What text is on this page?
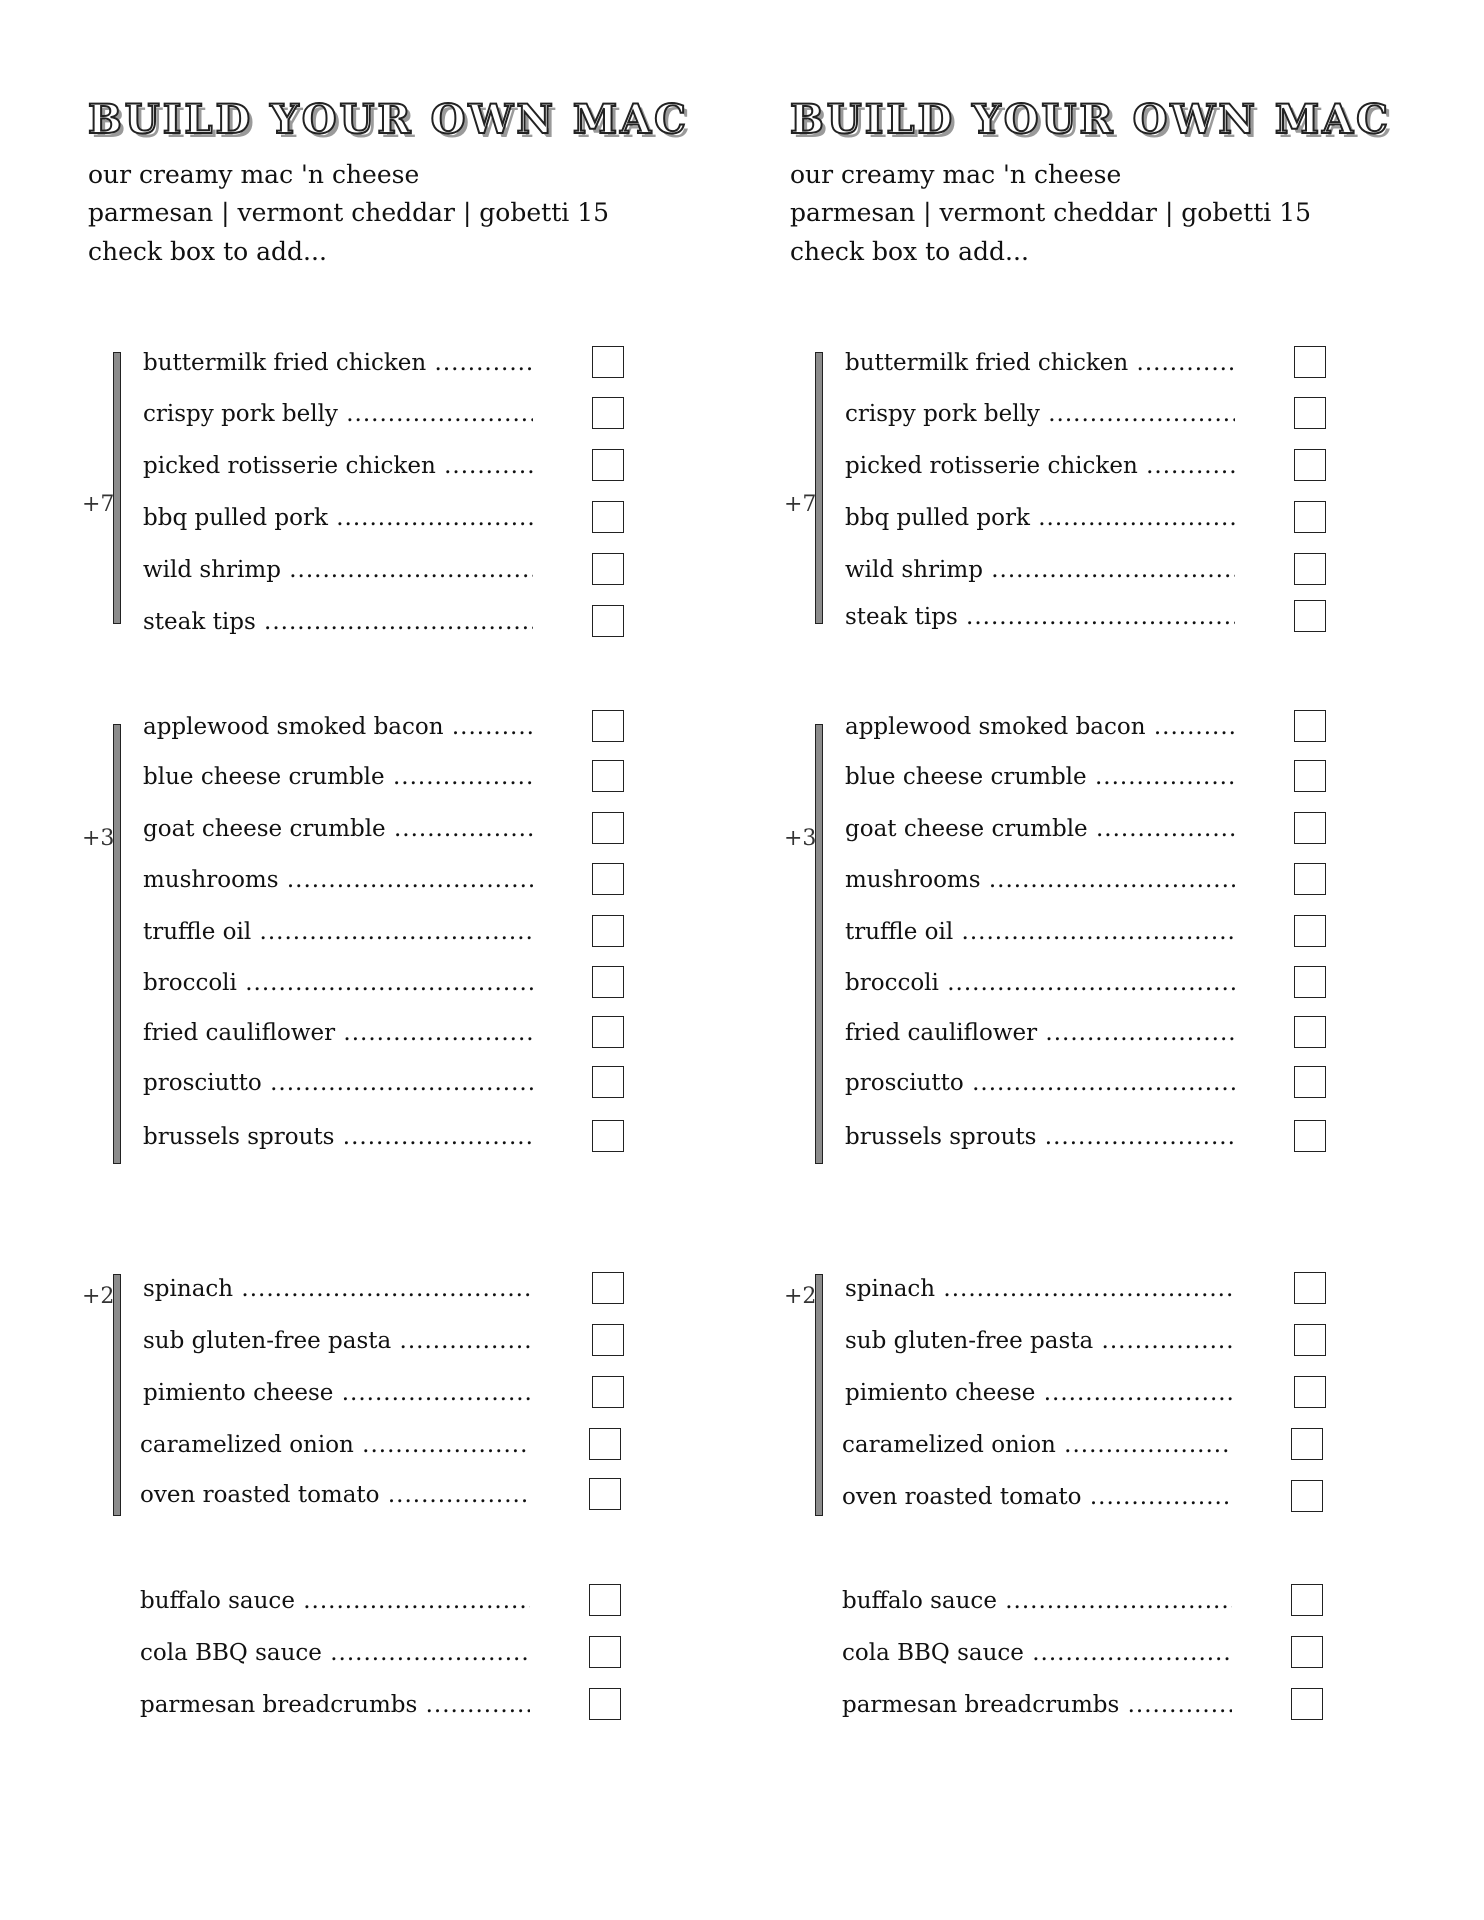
BUILD YOUR OWN MAC
our creamy mac 'n cheese
parmesan | vermont cheddar | gobetti 15
check box to add...
+7
buttermilk fried chicken .....
crispy pork belly .....
picked rotisserie chicken .....
bbq pulled pork .....
wild shrimp .....
steak tips .....
+3
applewood smoked bacon .....
blue cheese crumble .....
goat cheese crumble .....
mushrooms .....
truffle oil .....
broccoli .....
fried cauliflower .....
prosciutto .....
brussels sprouts .....
+2 spinach .....
sub gluten-free pasta .....
pimiento cheese .....
caramelized onion .....
oven roasted tomato .....
buffalo sauce .....
cola BBQ sauce .....
parmesan breadcrumbs .....
BUILD YOUR OWN MAC
our creamy mac 'n cheese
parmesan | vermont cheddar | gobetti 15
check box to add...
+7
buttermilk fried chicken .....
crispy pork belly .....
picked rotisserie chicken .....
bbq pulled pork .....
wild shrimp .....
steak tips .....
+3
applewood smoked bacon .....
blue cheese crumble .....
goat cheese crumble .....
mushrooms .....
truffle oil .....
broccoli .....
fried cauliflower .....
prosciutto .....
brussels sprouts .....
+2 spinach .....
sub gluten-free pasta .....
pimiento cheese .....
caramelized onion .....
oven roasted tomato .....
buffalo sauce .....
cola BBQ sauce .....
parmesan breadcrumbs .....
